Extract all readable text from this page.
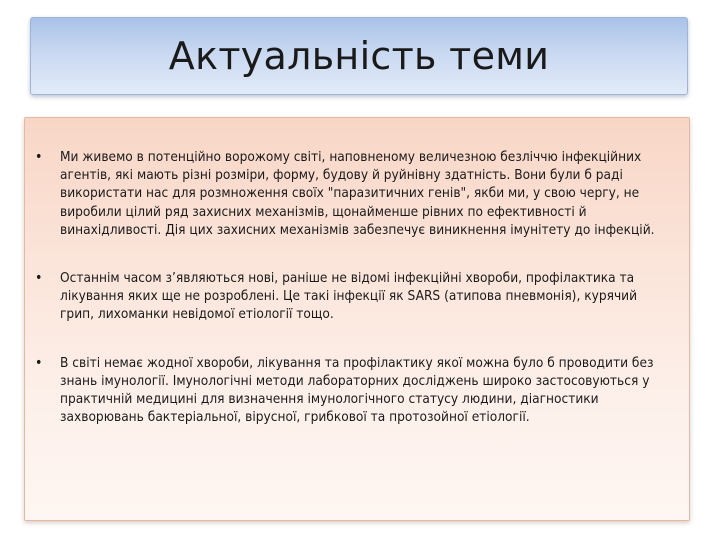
Актуальність теми
• Ми живемо в потенційно ворожому світі, наповненому величезною безліччю інфекційних агентів, які мають різні розміри, форму, будову й руйнівну здатність. Вони були б раді використати нас для розмноження своїх "паразитичних генів", якби ми, у свою чергу, не виробили цілий ряд захисних механізмів, щонайменше рівних по ефективності й винахідливості. Дія цих захисних механізмів забезпечує виникнення імунітету до інфекцій.
• Останнім часом з’являються нові, раніше не відомі інфекційні хвороби, профілактика та лікування яких ще не розроблені. Це такі інфекції як SARS (атипова пневмонія), курячий грип, лихоманки невідомої етіології тощо.
• В світі немає жодної хвороби, лікування та профілактику якої можна було б проводити без знань імунології. Імунологічні методи лабораторних досліджень широко застосовуються у практичній медицині для визначення імунологічного статусу людини, діагностики захворювань бактеріальної, вірусної, грибкової та протозойної етіології.
